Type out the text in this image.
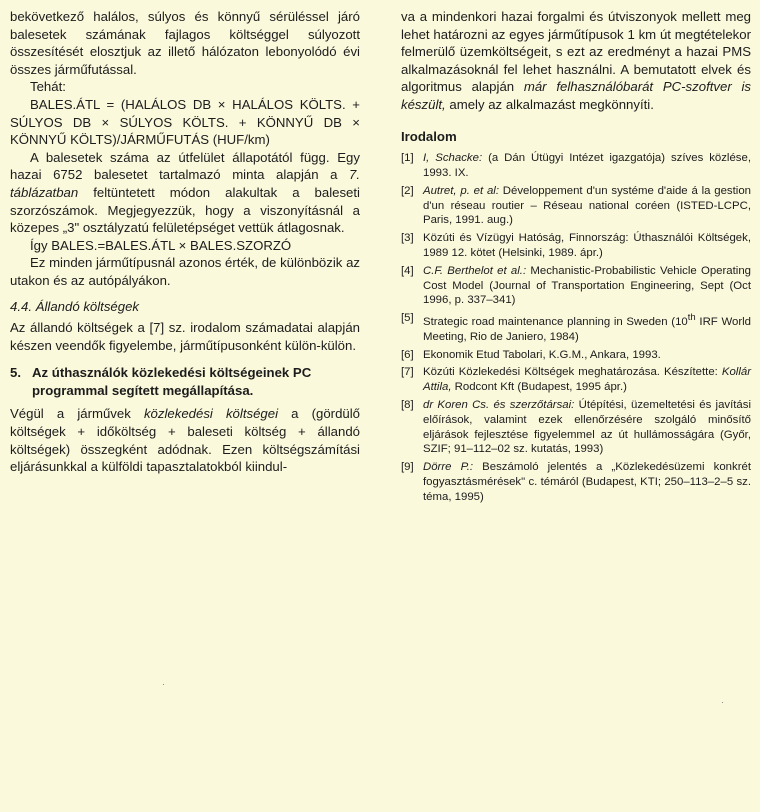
bekövetkező halálos, súlyos és könnyű sérüléssel járó balesetek számának fajlagos költséggel súlyozott összesítését elosztjuk az illető hálózaton lebonyolódó évi összes járműfutással.

Tehát:

BALES.ÁTL = (HALÁLOS DB × HALÁLOS KÖLTS. + SÚLYOS DB × SÚLYOS KÖLTS. + KÖNNYŰ DB × KÖNNYŰ KÖLTS)/JÁRMŰFUTÁS (HUF/km)

A balesetek száma az útfelület állapotától függ. Egy hazai 6752 balesetet tartalmazó minta alapján a 7. táblázatban feltüntetett módon alakultak a baleseti szorzószámok. Megjegyezzük, hogy a viszonyításnál a közepes „3" osztályzatú felületépséget vettük átlagosnak.

Így BALES.=BALES.ÁTL × BALES.SZORZÓ

Ez minden járműtípusnál azonos érték, de különbözik az utakon és az autópályákon.

4.4. Állandó költségek

Az állandó költségek a [7] sz. irodalom számadatai alapján készen veendők figyelembe, járműtípusonként külön-külön.

5. Az úthasználók közlekedési költségeinek PC programmal segített megállapítása.

Végül a járművek közlekedési költségei a (gördülő költségek + időköltség + baleseti költség + állandó költségek) összegként adódnak. Ezen költségszámítási eljárásunkkal a külföldi tapasztalatokból kiindul-

va a mindenkori hazai forgalmi és útviszonyok mellett meg lehet határozni az egyes járműtípusok 1 km út megtételekor felmerülő üzemköltségeit, s ezt az eredményt a hazai PMS alkalmazásoknál fel lehet használni. A bemutatott elvek és algoritmus alapján már felhasználóbarát PC-szoftver is készült, amely az alkalmazást megkönnyíti.

Irodalom
[1] I, Schacke: (a Dán Útügyi Intézet igazgatója) szíves közlése, 1993. IX.
[2] Autret, p. et al: Développement d'un systéme d'aide á la gestion d'un réseau routier – Réseau national coréen (ISTED-LCPC, Paris, 1991. aug.)
[3] Közúti és Vízügyi Hatóság, Finnország: Úthasználói Költségek, 1989 12. kötet (Helsinki, 1989. ápr.)
[4] C.F. Berthelot et al.: Mechanistic-Probabilistic Vehicle Operating Cost Model (Journal of Transportation Engineering, Sept (Oct 1996, p. 337–341)
[5] Strategic road maintenance planning in Sweden (10th IRF World Meeting, Rio de Janiero, 1984)
[6] Ekonomik Etud Tabolari, K.G.M., Ankara, 1993.
[7] Közúti Közlekedési Költségek meghatározása. Készítette: Kollár Attila, Rodcont Kft (Budapest, 1995 ápr.)
[8] dr Koren Cs. és szerzőtársai: Útépítési, üzemeltetési és javítási előírások, valamint ezek ellenőrzésére szolgáló minősítő eljárások fejlesztése figyelemmel az út hullámosságára (Győr, SZIF; 91–112–02 sz. kutatás, 1993)
[9] Dörre P.: Beszámoló jelentés a „Közlekedésüzemi konkrét fogyasztásmérések" c. témáról (Budapest, KTI; 250–113–2–5 sz. téma, 1995)
